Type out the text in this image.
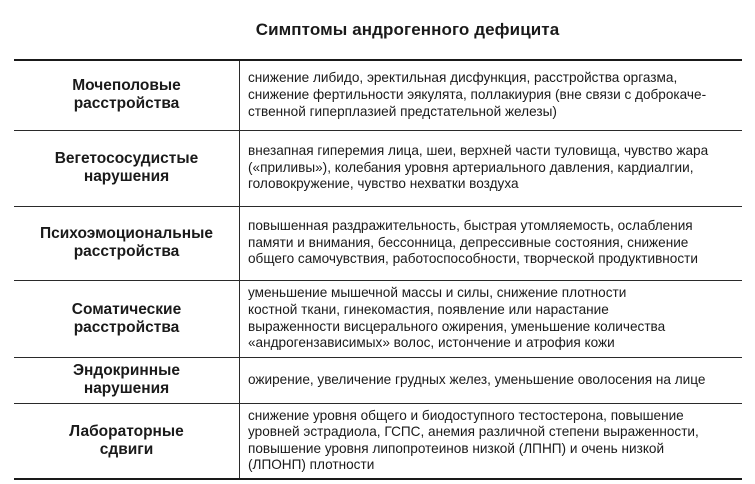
Симптомы андрогенного дефицита
Мочеполовые
расстройства	снижение либидо, эректильная дисфункция, расстройства оргазма,
снижение фертильности эякулята, поллакиурия (вне связи с доброкаче-
ственной гиперплазией предстательной железы)

Вегетососудистые
нарушения	внезапная гиперемия лица, шеи, верхней части туловища, чувство жара
(«приливы»), колебания уровня артериального давления, кардиалгии,
головокружение, чувство нехватки воздуха

Психоэмоциональные
расстройства	повышенная раздражительность, быстрая утомляемость, ослабления
памяти и внимания, бессонница, депрессивные состояния, снижение
общего самочувствия, работоспособности, творческой продуктивности

Соматические
расстройства	уменьшение мышечной массы и силы, снижение плотности
костной ткани, гинекомастия, появление или нарастание
выраженности висцерального ожирения, уменьшение количества
«андрогензависимых» волос, истончение и атрофия кожи

Эндокринные
нарушения	ожирение, увеличение грудных желез, уменьшение оволосения на лице

Лабораторные
сдвиги	снижение уровня общего и биодоступного тестостерона, повышение
уровней эстрадиола, ГСПС, анемия различной степени выраженности,
повышение уровня липопротеинов низкой (ЛПНП) и очень низкой
(ЛПОНП) плотности
